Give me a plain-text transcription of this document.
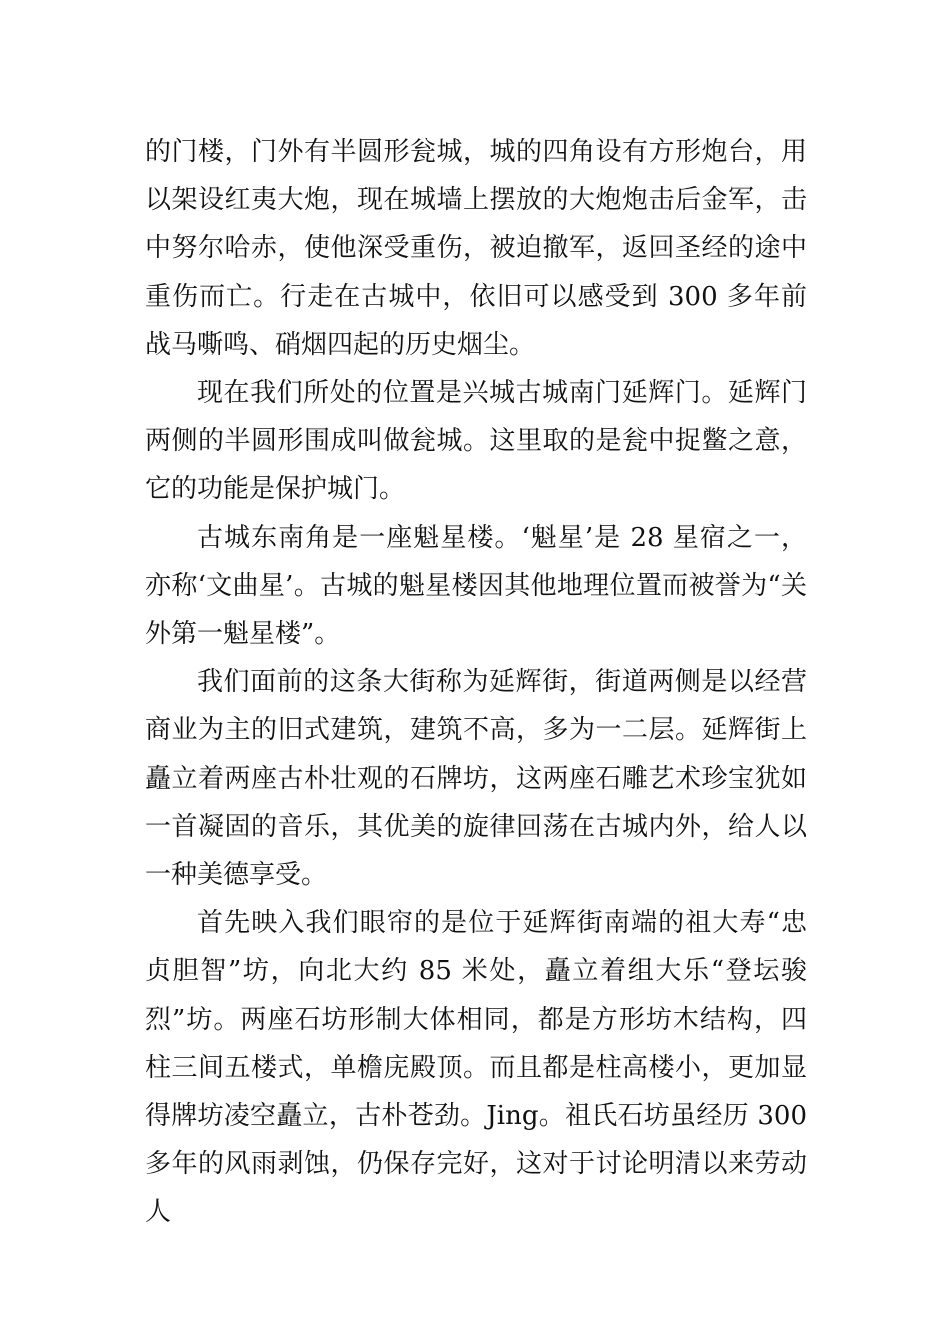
的门楼，门外有半圆形瓮城，城的四角设有方形炮台，用以架设红夷大炮，现在城墙上摆放的大炮炮击后金军，击中努尔哈赤，使他深受重伤，被迫撤军，返回圣经的途中重伤而亡。行走在古城中，依旧可以感受到 300 多年前战马嘶鸣、硝烟四起的历史烟尘。

现在我们所处的位置是兴城古城南门延辉门。延辉门两侧的半圆形围成叫做瓮城。这里取的是瓮中捉鳖之意，它的功能是保护城门。

古城东南角是一座魁星楼。‘魁星’是 28 星宿之一，亦称‘文曲星’。古城的魁星楼因其他地理位置而被誉为“关外第一魁星楼”。

我们面前的这条大街称为延辉街，街道两侧是以经营商业为主的旧式建筑，建筑不高，多为一二层。延辉街上矗立着两座古朴壮观的石牌坊，这两座石雕艺术珍宝犹如一首凝固的音乐，其优美的旋律回荡在古城内外，给人以一种美德享受。

首先映入我们眼帘的是位于延辉街南端的祖大寿“忠贞胆智”坊，向北大约 85 米处，矗立着组大乐“登坛骏烈”坊。两座石坊形制大体相同，都是方形坊木结构，四柱三间五楼式，单檐庑殿顶。而且都是柱高楼小，更加显得牌坊凌空矗立，古朴苍劲。Jing。祖氏石坊虽经历 300 多年的风雨剥蚀，仍保存完好，这对于讨论明清以来劳动人
